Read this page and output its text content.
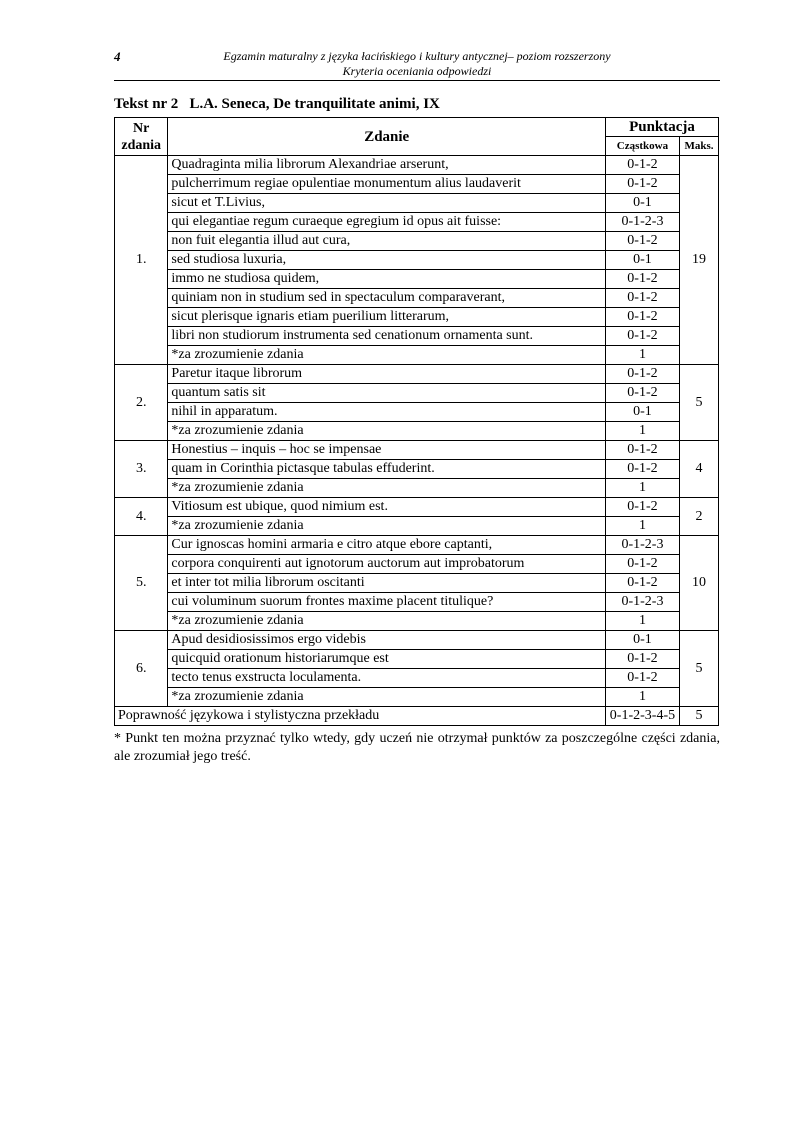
4	Egzamin maturalny z języka łacińskiego i kultury antycznej– poziom rozszerzony
Kryteria oceniania odpowiedzi
Tekst nr 2 L.A. Seneca, De tranquilitate animi, IX
Nr
zdania	Zdanie	Punktacja	
		Cząstkowa	Maks.
1.	Quadraginta milia librorum Alexandriae arserunt,	0-1-2	19
	pulcherrimum regiae opulentiae monumentum alius laudaverit	0-1-2	
	sicut et T.Livius,	0-1	
	qui elegantiae regum curaeque egregium id opus ait fuisse:	0-1-2-3	
	non fuit elegantia illud aut cura,	0-1-2	
	sed studiosa luxuria,	0-1	
	immo ne studiosa quidem,	0-1-2	
	quiniam non in studium sed in spectaculum comparaverant,	0-1-2	
	sicut plerisque ignaris etiam puerilium litterarum,	0-1-2	
	libri non studiorum instrumenta sed cenationum ornamenta sunt.	0-1-2	
	*za zrozumienie zdania	1	
2.	Paretur itaque librorum	0-1-2	5
	quantum satis sit	0-1-2	
	nihil in apparatum.	0-1	
	*za zrozumienie zdania	1	
3.	Honestius – inquis – hoc se impensae	0-1-2	4
	quam in Corinthia pictasque tabulas effuderint.	0-1-2	
	*za zrozumienie zdania	1	
4.	Vitiosum est ubique, quod nimium est.	0-1-2	2
	*za zrozumienie zdania	1	
5.	Cur ignoscas homini armaria e citro atque ebore captanti,	0-1-2-3	10
	corpora conquirenti aut ignotorum auctorum aut improbatorum	0-1-2	
	et inter tot milia librorum oscitanti	0-1-2	
	cui voluminum suorum frontes maxime placent titulique?	0-1-2-3	
	*za zrozumienie zdania	1	
6.	Apud desidiosissimos ergo videbis	0-1	5
	quicquid orationum historiarumque est	0-1-2	
	tecto tenus exstructa loculamenta.	0-1-2	
	*za zrozumienie zdania	1	
Poprawność językowa i stylistyczna przekładu		0-1-2-3-4-5	5
* Punkt ten można przyznać tylko wtedy, gdy uczeń nie otrzymał punktów za poszczególne części zdania, ale zrozumiał jego treść.
